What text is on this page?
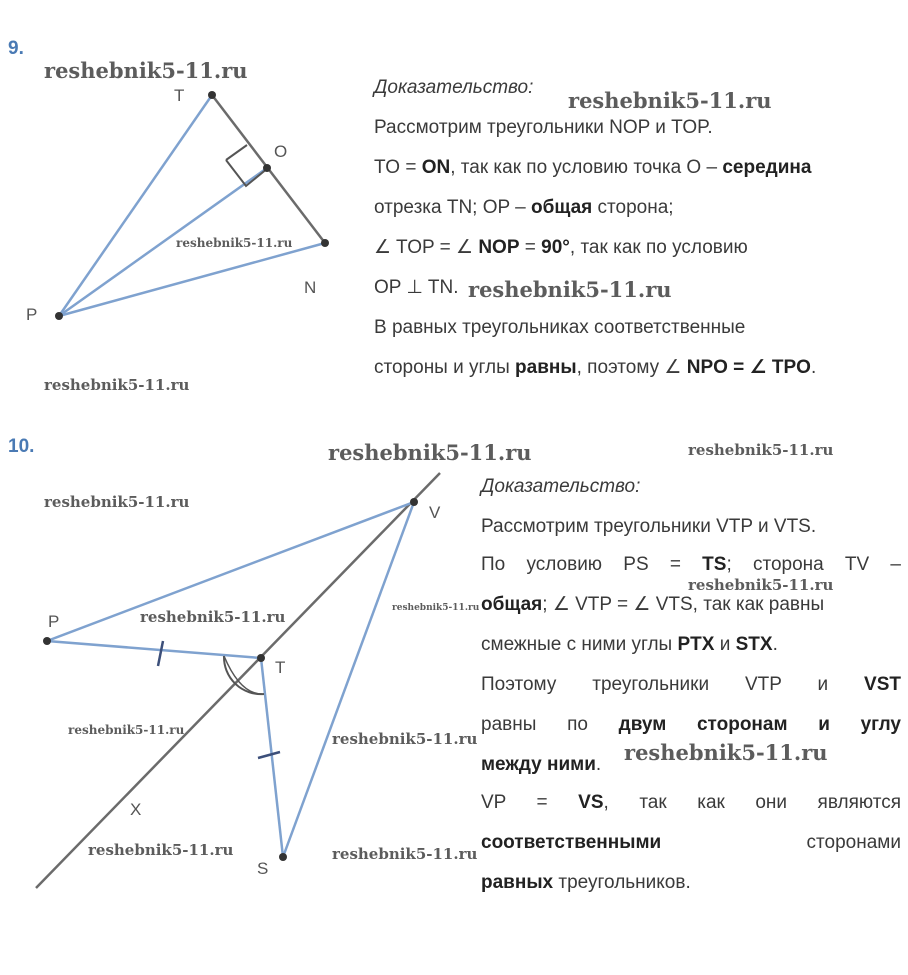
9.
T
O
N
P
V
P
T
X
S
Доказательство:
Рассмотрим треугольники NOP и TOP.
TO = ON, так как по условию точка O – середина
отрезка TN; OP – общая сторона;
∠ TOP = ∠ NOP = 90°, так как по условию
OP ⊥ TN.
В равных треугольниках соответственные
стороны и углы равны, поэтому ∠ NPO = ∠ TPO.
10.
Доказательство:
Рассмотрим треугольники VTP и VTS.
По условию PS = TS; сторона TV –
общая; ∠ VTP = ∠ VTS, так как равны
смежные с ними углы PTX и STX.
Поэтому треугольники VTP и VST
равны по двум сторонам и углу
между ними.
VP = VS, так как они являются
соответственными сторонами
равных треугольников.
reshebnik5-11.ru
reshebnik5-11.ru
reshebnik5-11.ru
reshebnik5-11.ru
reshebnik5-11.ru
reshebnik5-11.ru	reshebnik5-11.ru
reshebnik5-11.ru
reshebnik5-11.ru
reshebnik5-11.ru
reshebnik5-11.ru
reshebnik5-11.ru	reshebnik5-11.ru
reshebnik5-11.ru
reshebnik5-11.ru	reshebnik5-11.ru
